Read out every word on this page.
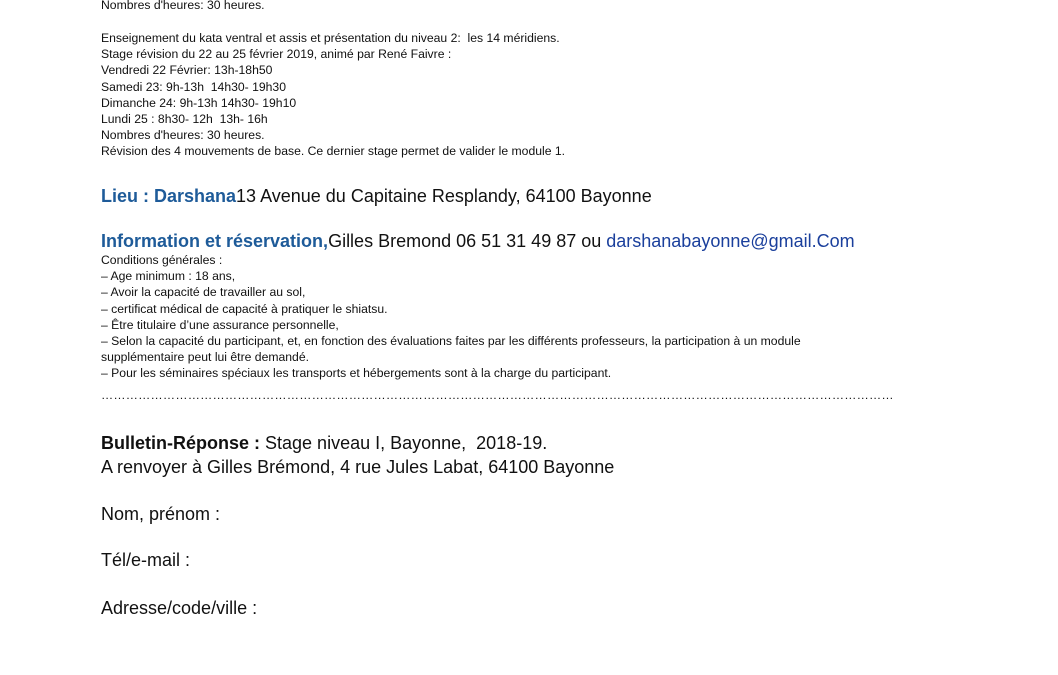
Nombres d'heures: 30 heures.

Enseignement du kata ventral et assis et présentation du niveau 2:  les 14 méridiens.

Stage révision du 22 au 25 février 2019, animé par René Faivre :

Vendredi 22 Février: 13h-18h50

Samedi 23: 9h-13h  14h30- 19h30

Dimanche 24: 9h-13h 14h30- 19h10

Lundi 25 : 8h30- 12h  13h- 16h

Nombres d'heures: 30 heures.

Révision des 4 mouvements de base. Ce dernier stage permet de valider le module 1.

Lieu : Darshana13 Avenue du Capitaine Resplandy, 64100 Bayonne

Information et réservation,Gilles Bremond 06 51 31 49 87 ou darshanabayonne@gmail.Com

Conditions générales :

– Age minimum : 18 ans,

– Avoir la capacité de travailler au sol,

– certificat médical de capacité à pratiquer le shiatsu.

– Être titulaire d’une assurance personnelle,

– Selon la capacité du participant, et, en fonction des évaluations faites par les différents professeurs, la participation à un module

supplémentaire peut lui être demandé.

– Pour les séminaires spéciaux les transports et hébergements sont à la charge du participant.

…………………………………………………………………………………………………………………………………………………………………………

Bulletin-Réponse : Stage niveau I, Bayonne,  2018-19.

A renvoyer à Gilles Brémond, 4 rue Jules Labat, 64100 Bayonne

Nom, prénom :

Tél/e-mail :

Adresse/code/ville :
